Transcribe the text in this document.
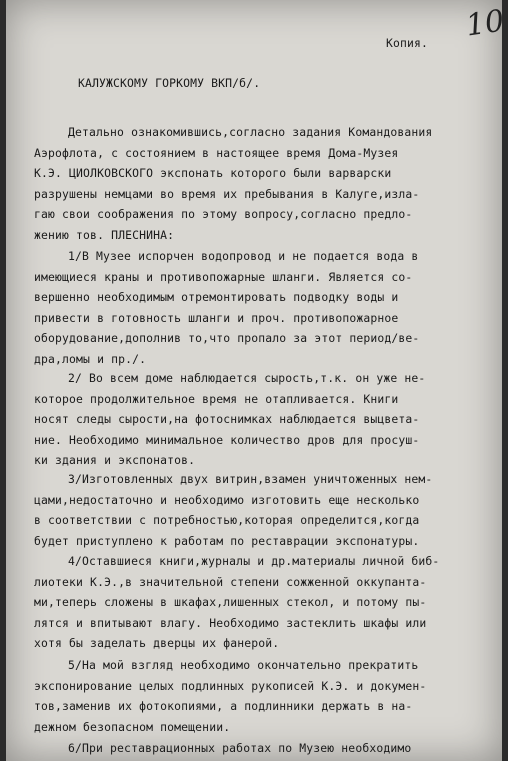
10
Копия.
КАЛУЖСКОМУ ГОРКОМУ ВКП/б/.
Детально ознакомившись,согласно задания Командования
Аэрофлота, с состоянием в настоящее время Дома-Музея
К.Э. ЦИОЛКОВСКОГО экспонать которого были варварски
разрушены немцами во время их пребывания в Калуге,излa-
гаю свои соображения по этому вопросу,согласно предло-
жению тов. ПЛЕСНИНА:
1/В Музее испорчен водопровод и не подается вода в
имеющиеся краны и противопожарные шланги. Является со-
вершенно необходимым отремонтировать подводку воды и
привести в готовность шланги и проч. противопожарное
оборудование,дополнив то,что пропало за этот период/ве-
дра,ломы и пр./.
2/ Во всем доме наблюдается сырость,т.к. он уже не-
которое продолжительное время не отапливается. Книги
носят следы сырости,на фотоснимках наблюдается выцвета-
ние. Необходимо минимальное количество дров для просуш-
ки здания и экспонатов.
3/Изготовленных двух витрин,взамен уничтоженных нем-
цами,недостаточно и необходимо изготовить еще несколько
в соответствии с потребностью,которая определится,когда
будет приступлено к работам по реставрации экспонатуры.
4/Оставшиеся книги,журналы и др.материалы личной биб-
лиотеки К.Э.,в значительной степени сожженной оккупанта-
ми,теперь сложены в шкафах,лишенных стекол, и потому пы-
лятся и впитывают влагу. Необходимо застеклить шкафы или
хотя бы заделать дверцы их фанерой.
5/На мой взгляд необходимо окончательно прекратить
экспонирование целых подлинных рукописей К.Э. и докумен-
тов,заменив их фотокопиями, а подлинники держать в на-
дежном безопасном помещении.
6/При реставрационных работах по Музею необходимо
